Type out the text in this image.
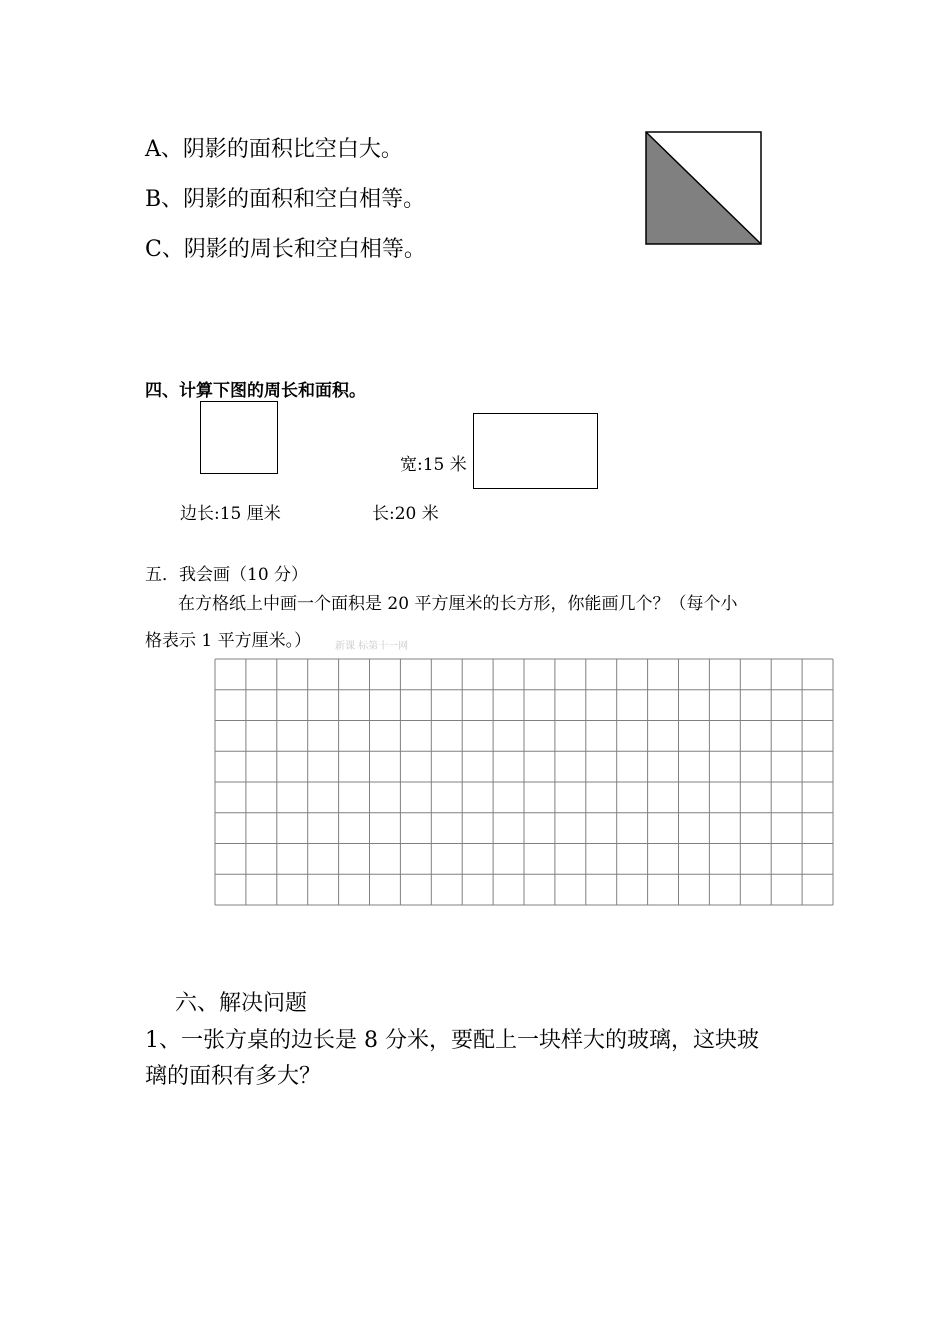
A、阴影的面积比空白大。
B、阴影的面积和空白相等。
C、阴影的周长和空白相等。
四、计算下图的周长和面积。
宽:15 米
边长:15 厘米	长:20 米
五．我会画（10 分）
在方格纸上中画一个面积是 20 平方厘米的长方形，你能画几个？（每个小
格表示 1 平方厘米。） 新课 标第十一网
六、解决问题
1、一张方桌的边长是 8 分米，要配上一块样大的玻璃，这块玻
璃的面积有多大？
